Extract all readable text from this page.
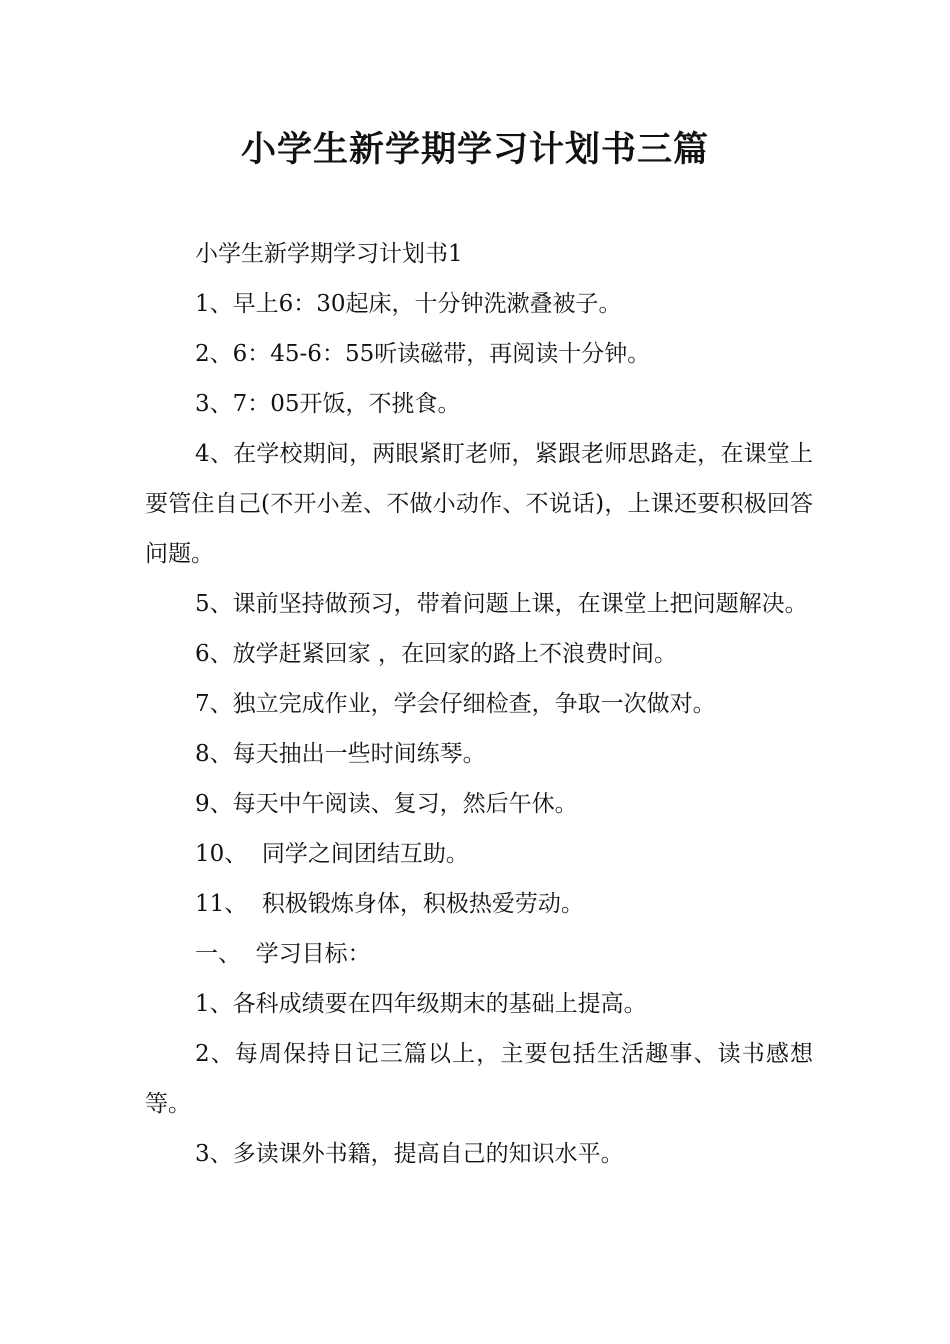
小学生新学期学习计划书三篇

小学生新学期学习计划书1

1、早上6：30起床，十分钟洗漱叠被子。

2、6：45-6：55听读磁带，再阅读十分钟。

3、7：05开饭，不挑食。

4、在学校期间，两眼紧盯老师，紧跟老师思路走，在课堂上要管住自己(不开小差、不做小动作、不说话)，上课还要积极回答问题。

5、课前坚持做预习，带着问题上课，在课堂上把问题解决。

6、放学赶紧回家 ，在回家的路上不浪费时间。

7、独立完成作业，学会仔细检查，争取一次做对。

8、每天抽出一些时间练琴。

9、每天中午阅读、复习，然后午休。

10、  同学之间团结互助。

11、  积极锻炼身体，积极热爱劳动。

一、  学习目标：

1、各科成绩要在四年级期末的基础上提高。

2、每周保持日记三篇以上，主要包括生活趣事、读书感想等。

3、多读课外书籍，提高自己的知识水平。
